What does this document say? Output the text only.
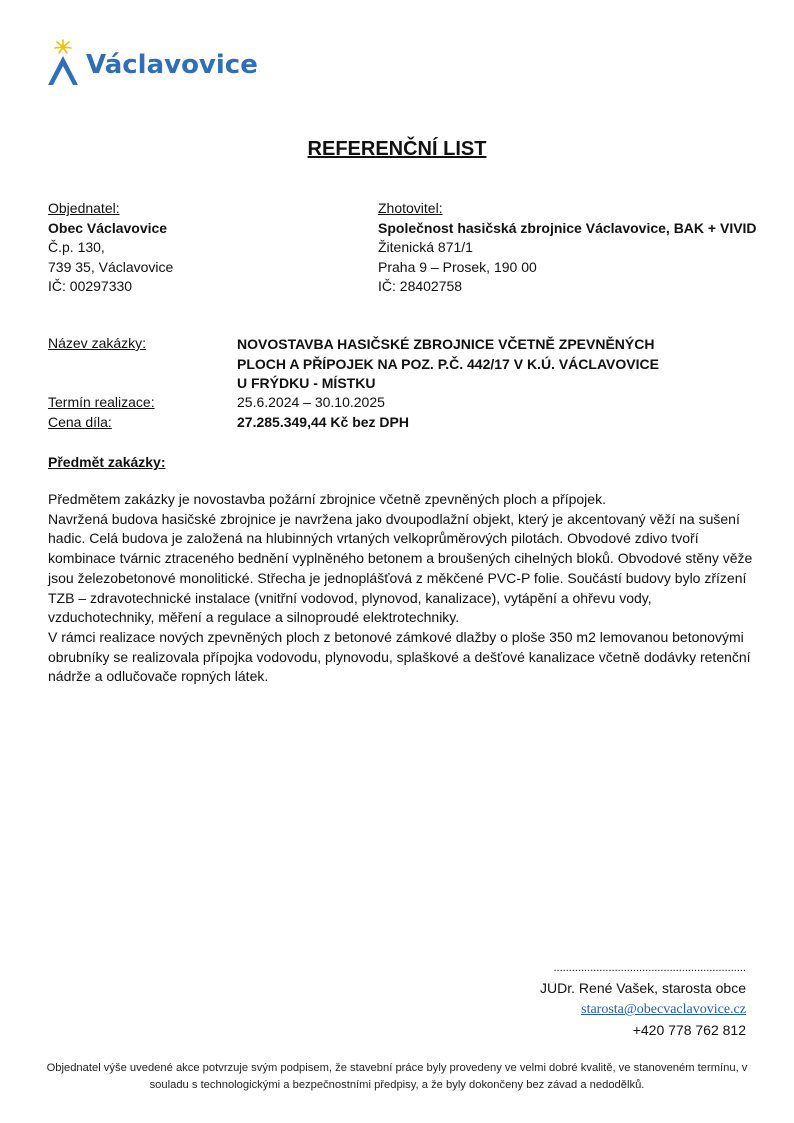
Václavovice
REFERENČNÍ LIST
Objednatel:
Obec Václavovice
Č.p. 130,
739 35, Václavovice
IČ: 00297330
Zhotovitel:
Společnost hasičská zbrojnice Václavovice, BAK + VIVID
Žitenická 871/1
Praha 9 – Prosek, 190 00
IČ: 28402758
Název zakázky:	NOVOSTAVBA HASIČSKÉ ZBROJNICE VČETNĚ ZPEVNĚNÝCH
PLOCH A PŘÍPOJEK NA POZ. P.Č. 442/17 V K.Ú. VÁCLAVOVICE
U FRÝDKU - MÍSTKU
Termín realizace:	25.6.2024 – 30.10.2025
Cena díla:	27.285.349,44 Kč bez DPH
Předmět zakázky:

Předmětem zakázky je novostavba požární zbrojnice včetně zpevněných ploch a přípojek.

Navržená budova hasičské zbrojnice je navržena jako dvoupodlažní objekt, který je akcentovaný věží na sušení hadic. Celá budova je založená na hlubinných vrtaných velkoprůměrových pilotách. Obvodové zdivo tvoří kombinace tvárnic ztraceného bednění vyplněného betonem a broušených cihelných bloků. Obvodové stěny věže jsou železobetonové monolitické. Střecha je jednoplášťová z měkčené PVC-P folie. Součástí budovy bylo zřízení TZB – zdravotechnické instalace (vnitřní vodovod, plynovod, kanalizace), vytápění a ohřevu vody, vzduchotechniky, měření a regulace a silnoproudé elektrotechniky.

V rámci realizace nových zpevněných ploch z betonové zámkové dlažby o ploše 350 m2 lemovanou betonovými obrubníky se realizovala přípojka vodovodu, plynovodu, splaškové a dešťové kanalizace včetně dodávky retenční nádrže a odlučovače ropných látek.

...............................................................
JUDr. René Vašek, starosta obce
starosta@obecvaclavovice.cz
+420 778 762 812
Objednatel výše uvedené akce potvrzuje svým podpisem, že stavební práce byly provedeny ve velmi dobré kvalitě, ve stanoveném termínu, v souladu s technologickými a bezpečnostními předpisy, a že byly dokončeny bez závad a nedodělků.
